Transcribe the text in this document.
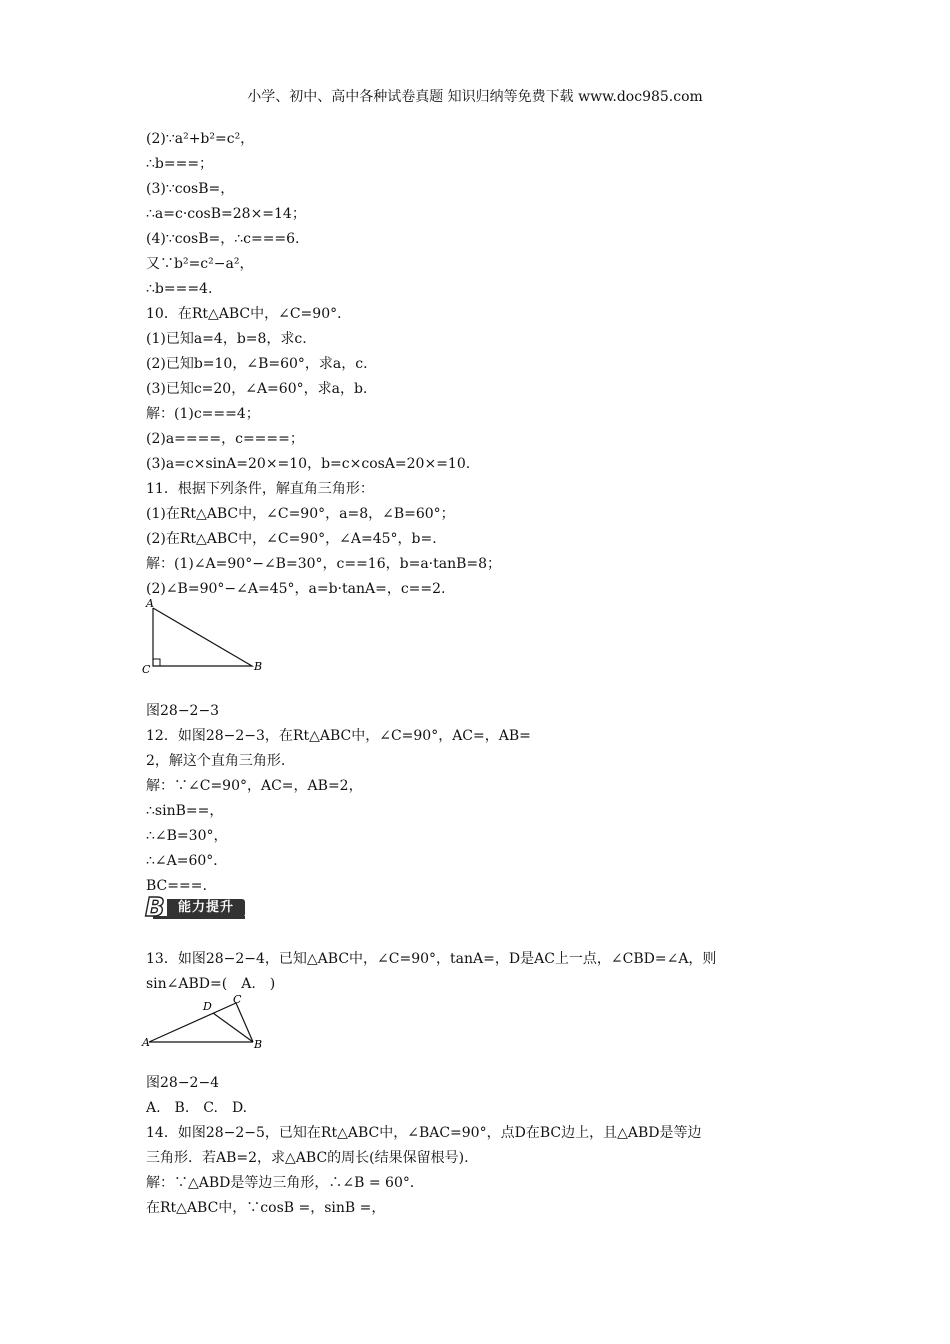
小学、初中、高中各种试卷真题 知识归纳等免费下载 www.doc985.com
(2)∵a²+b²=c²，
∴b===；
(3)∵cosB=，
∴a=c·cosB=28×=14；
(4)∵cosB=，∴c===6.
又∵b²=c²−a²，
∴b===4.
10．在Rt△ABC中，∠C=90°．
(1)已知a=4，b=8，求c.
(2)已知b=10，∠B=60°，求a，c.
(3)已知c=20，∠A=60°，求a，b.
解：(1)c===4；
(2)a====，c====；
(3)a=c×sinA=20×=10，b=c×cosA=20×=10.
11．根据下列条件，解直角三角形：
(1)在Rt△ABC中，∠C=90°，a=8，∠B=60°；
(2)在Rt△ABC中，∠C=90°，∠A=45°，b=.
解：(1)∠A=90°−∠B=30°，c==16，b=a·tanB=8；
(2)∠B=90°−∠A=45°，a=b·tanA=，c==2.
A
C	B
图28−2−3
12．如图28−2−3，在Rt△ABC中，∠C=90°，AC=，AB=
2，解这个直角三角形.
解：∵∠C=90°，AC=，AB=2，
∴sinB==，
∴∠B=30°，
∴∠A=60°．
BC===.
能力提升
B
13．如图28−2−4，已知△ABC中，∠C=90°，tanA=，D是AC上一点，∠CBD=∠A，则
sin∠ABD=(　A.　)
A	B
C
D
图28−2−4
A.　B.　C.　D.
14．如图28−2−5，已知在Rt△ABC中，∠BAC=90°，点D在BC边上，且△ABD是等边
三角形．若AB=2，求△ABC的周长(结果保留根号).
解：∵△ABD是等边三角形，∴∠B = 60°．
在Rt△ABC中，∵cosB =，sinB =，
